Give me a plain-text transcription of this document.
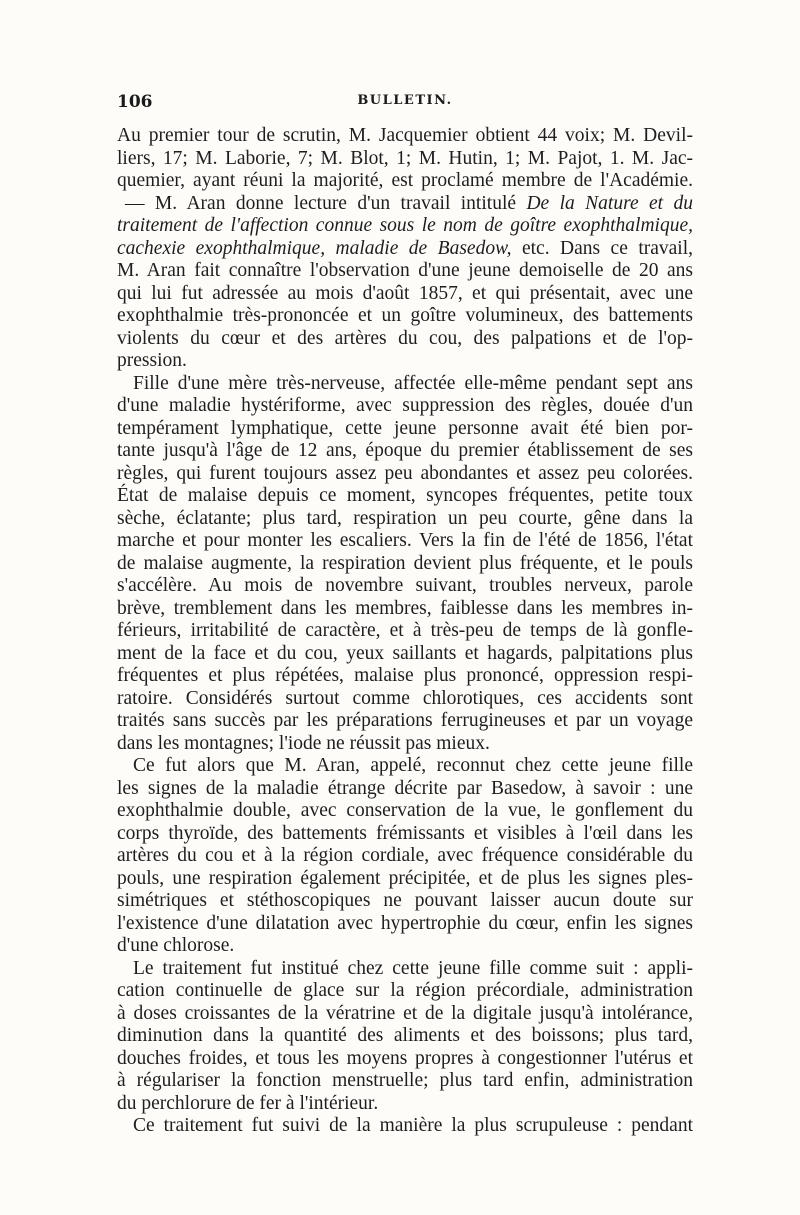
106	BULLETIN.
Au premier tour de scrutin, M. Jacquemier obtient 44 voix; M. Devil-
liers, 17; M. Laborie, 7; M. Blot, 1; M. Hutin, 1; M. Pajot, 1. M. Jac-
quemier, ayant réuni la majorité, est proclamé membre de l'Académie.
— M. Aran donne lecture d'un travail intitulé De la Nature et du
traitement de l'affection connue sous le nom de goître exophthalmique,
cachexie exophthalmique, maladie de Basedow, etc. Dans ce travail,
M. Aran fait connaître l'observation d'une jeune demoiselle de 20 ans
qui lui fut adressée au mois d'août 1857, et qui présentait, avec une
exophthalmie très-prononcée et un goître volumineux, des battements
violents du cœur et des artères du cou, des palpations et de l'op-
pression.
Fille d'une mère très-nerveuse, affectée elle-même pendant sept ans
d'une maladie hystériforme, avec suppression des règles, douée d'un
tempérament lymphatique, cette jeune personne avait été bien por-
tante jusqu'à l'âge de 12 ans, époque du premier établissement de ses
règles, qui furent toujours assez peu abondantes et assez peu colorées.
État de malaise depuis ce moment, syncopes fréquentes, petite toux
sèche, éclatante; plus tard, respiration un peu courte, gêne dans la
marche et pour monter les escaliers. Vers la fin de l'été de 1856, l'état
de malaise augmente, la respiration devient plus fréquente, et le pouls
s'accélère. Au mois de novembre suivant, troubles nerveux, parole
brève, tremblement dans les membres, faiblesse dans les membres in-
férieurs, irritabilité de caractère, et à très-peu de temps de là gonfle-
ment de la face et du cou, yeux saillants et hagards, palpitations plus
fréquentes et plus répétées, malaise plus prononcé, oppression respi-
ratoire. Considérés surtout comme chlorotiques, ces accidents sont
traités sans succès par les préparations ferrugineuses et par un voyage
dans les montagnes; l'iode ne réussit pas mieux.
Ce fut alors que M. Aran, appelé, reconnut chez cette jeune fille
les signes de la maladie étrange décrite par Basedow, à savoir : une
exophthalmie double, avec conservation de la vue, le gonflement du
corps thyroïde, des battements frémissants et visibles à l'œil dans les
artères du cou et à la région cordiale, avec fréquence considérable du
pouls, une respiration également précipitée, et de plus les signes ples-
simétriques et stéthoscopiques ne pouvant laisser aucun doute sur
l'existence d'une dilatation avec hypertrophie du cœur, enfin les signes
d'une chlorose.
Le traitement fut institué chez cette jeune fille comme suit : appli-
cation continuelle de glace sur la région précordiale, administration
à doses croissantes de la vératrine et de la digitale jusqu'à intolérance,
diminution dans la quantité des aliments et des boissons; plus tard,
douches froides, et tous les moyens propres à congestionner l'utérus et
à régulariser la fonction menstruelle; plus tard enfin, administration
du perchlorure de fer à l'intérieur.
Ce traitement fut suivi de la manière la plus scrupuleuse : pendant
